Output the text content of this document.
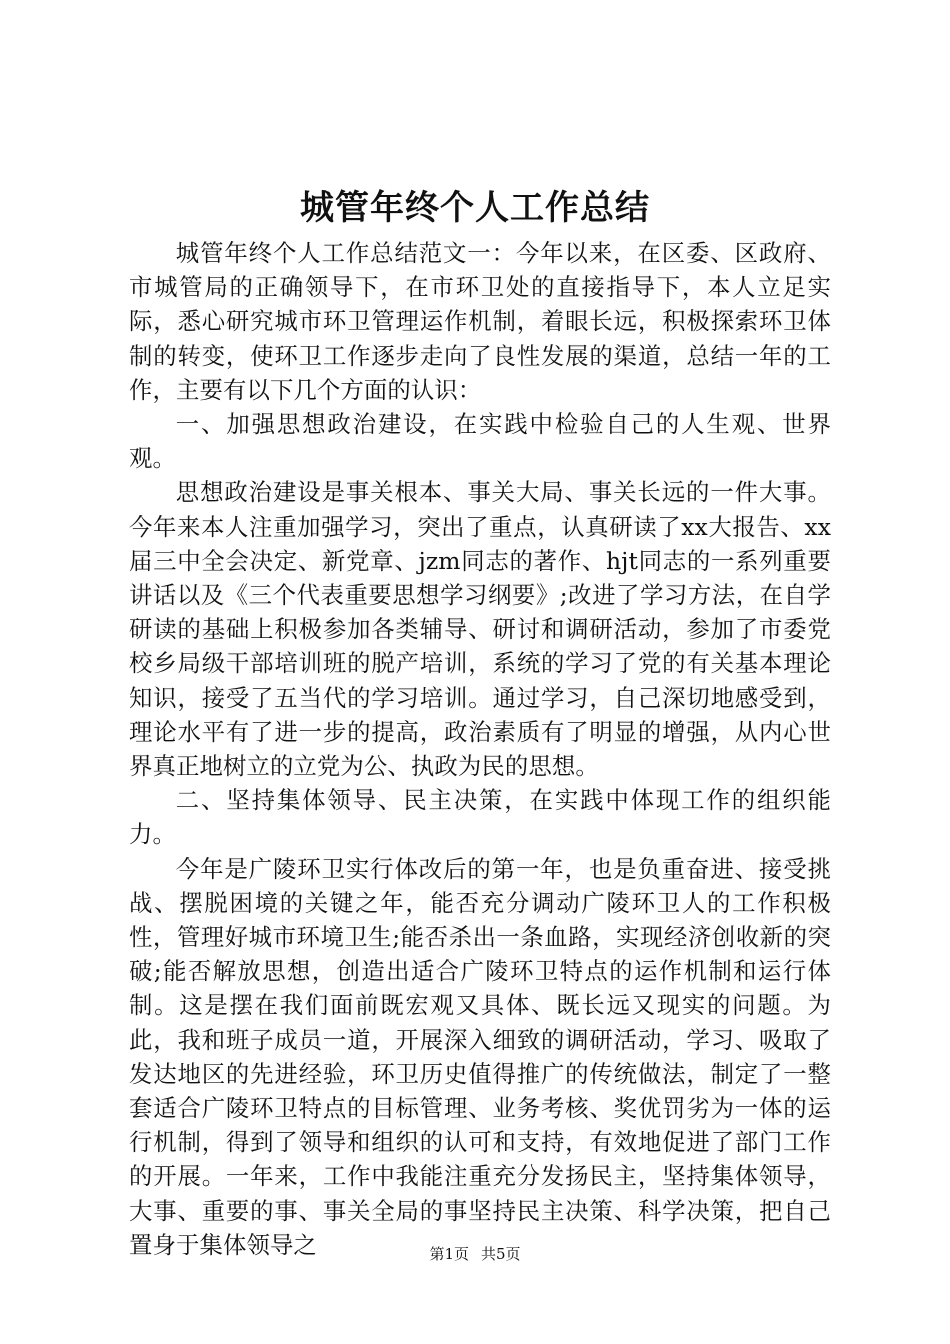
城管年终个人工作总结

城管年终个人工作总结范文一：今年以来，在区委、区政府、市城管局的正确领导下，在市环卫处的直接指导下，本人立足实际，悉心研究城市环卫管理运作机制，着眼长远，积极探索环卫体制的转变，使环卫工作逐步走向了良性发展的渠道，总结一年的工作，主要有以下几个方面的认识：

一、加强思想政治建设，在实践中检验自己的人生观、世界观。

思想政治建设是事关根本、事关大局、事关长远的一件大事。今年来本人注重加强学习，突出了重点，认真研读了xx大报告、xx届三中全会决定、新党章、jzm同志的著作、hjt同志的一系列重要讲话以及《三个代表重要思想学习纲要》;改进了学习方法，在自学研读的基础上积极参加各类辅导、研讨和调研活动，参加了市委党校乡局级干部培训班的脱产培训，系统的学习了党的有关基本理论知识，接受了五当代的学习培训。通过学习，自己深切地感受到，理论水平有了进一步的提高，政治素质有了明显的增强，从内心世界真正地树立的立党为公、执政为民的思想。

二、坚持集体领导、民主决策，在实践中体现工作的组织能力。

今年是广陵环卫实行体改后的第一年，也是负重奋进、接受挑战、摆脱困境的关键之年，能否充分调动广陵环卫人的工作积极性，管理好城市环境卫生;能否杀出一条血路，实现经济创收新的突破;能否解放思想，创造出适合广陵环卫特点的运作机制和运行体制。这是摆在我们面前既宏观又具体、既长远又现实的问题。为此，我和班子成员一道，开展深入细致的调研活动，学习、吸取了发达地区的先进经验，环卫历史值得推广的传统做法，制定了一整套适合广陵环卫特点的目标管理、业务考核、奖优罚劣为一体的运行机制，得到了领导和组织的认可和支持，有效地促进了部门工作的开展。一年来，工作中我能注重充分发扬民主，坚持集体领导，大事、重要的事、事关全局的事坚持民主决策、科学决策，把自己置身于集体领导之	第1页 共5页
